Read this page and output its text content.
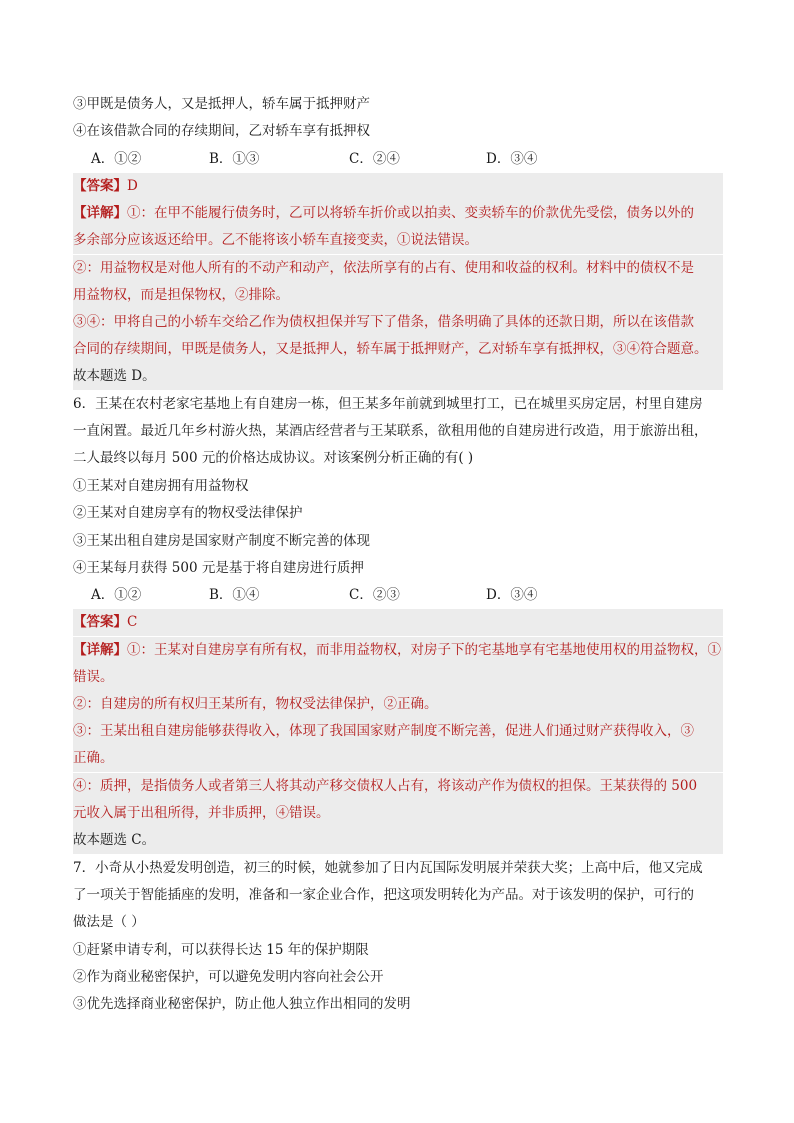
③甲既是债务人，又是抵押人，轿车属于抵押财产
④在该借款合同的存续期间，乙对轿车享有抵押权
A．①②	B．①③	C．②④	D．③④
【答案】D
【详解】①：在甲不能履行债务时，乙可以将轿车折价或以拍卖、变卖轿车的价款优先受偿，债务以外的
多余部分应该返还给甲。乙不能将该小轿车直接变卖，①说法错误。
②：用益物权是对他人所有的不动产和动产，依法所享有的占有、使用和收益的权利。材料中的债权不是
用益物权，而是担保物权，②排除。
③④：甲将自己的小轿车交给乙作为债权担保并写下了借条，借条明确了具体的还款日期，所以在该借款
合同的存续期间，甲既是债务人，又是抵押人，轿车属于抵押财产，乙对轿车享有抵押权，③④符合题意。
故本题选 D。
6．王某在农村老家宅基地上有自建房一栋，但王某多年前就到城里打工，已在城里买房定居，村里自建房
一直闲置。最近几年乡村游火热，某酒店经营者与王某联系，欲租用他的自建房进行改造，用于旅游出租，
二人最终以每月 500 元的价格达成协议。对该案例分析正确的有( )
①王某对自建房拥有用益物权
②王某对自建房享有的物权受法律保护
③王某出租自建房是国家财产制度不断完善的体现
④王某每月获得 500 元是基于将自建房进行质押
A．①②	B．①④	C．②③	D．③④
【答案】C
【详解】①：王某对自建房享有所有权，而非用益物权，对房子下的宅基地享有宅基地使用权的用益物权，①
错误。
②：自建房的所有权归王某所有，物权受法律保护，②正确。
③：王某出租自建房能够获得收入，体现了我国国家财产制度不断完善，促进人们通过财产获得收入，③
正确。
④：质押，是指债务人或者第三人将其动产移交债权人占有，将该动产作为债权的担保。王某获得的 500
元收入属于出租所得，并非质押，④错误。
故本题选 C。
7．小奇从小热爱发明创造，初三的时候，她就参加了日内瓦国际发明展并荣获大奖；上高中后，他又完成
了一项关于智能插座的发明，准备和一家企业合作，把这项发明转化为产品。对于该发明的保护，可行的
做法是（ ）
①赶紧申请专利，可以获得长达 15 年的保护期限
②作为商业秘密保护，可以避免发明内容向社会公开
③优先选择商业秘密保护，防止他人独立作出相同的发明
